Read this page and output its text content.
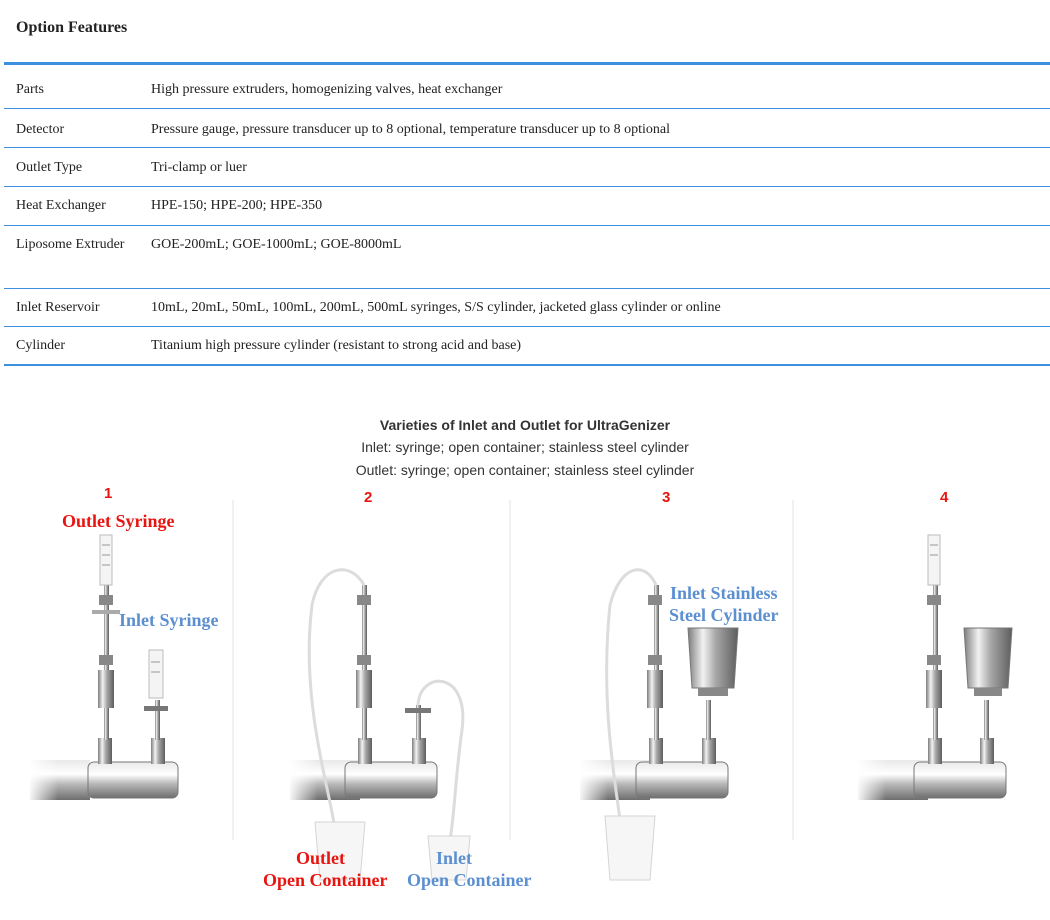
Option Features
Parts	High pressure extruders, homogenizing valves, heat exchanger
Detector	Pressure gauge, pressure transducer up to 8 optional, temperature transducer up to 8 optional
Outlet Type	Tri-clamp or luer
Heat Exchanger	HPE-150; HPE-200; HPE-350
Liposome Extruder	GOE-200mL; GOE-1000mL; GOE-8000mL
Inlet Reservoir	10mL, 20mL, 50mL, 100mL, 200mL, 500mL syringes, S/S cylinder, jacketed glass cylinder or online
Cylinder	Titanium high pressure cylinder (resistant to strong acid and base)
Varieties of Inlet and Outlet for UltraGenizer
Inlet: syringe; open container; stainless steel cylinder
Outlet: syringe; open container; stainless steel cylinder
1	2	3	4
Outlet Syringe
Inlet Syringe
Outlet
Open Container
Inlet
Open Container
Inlet Stainless
Steel Cylinder
